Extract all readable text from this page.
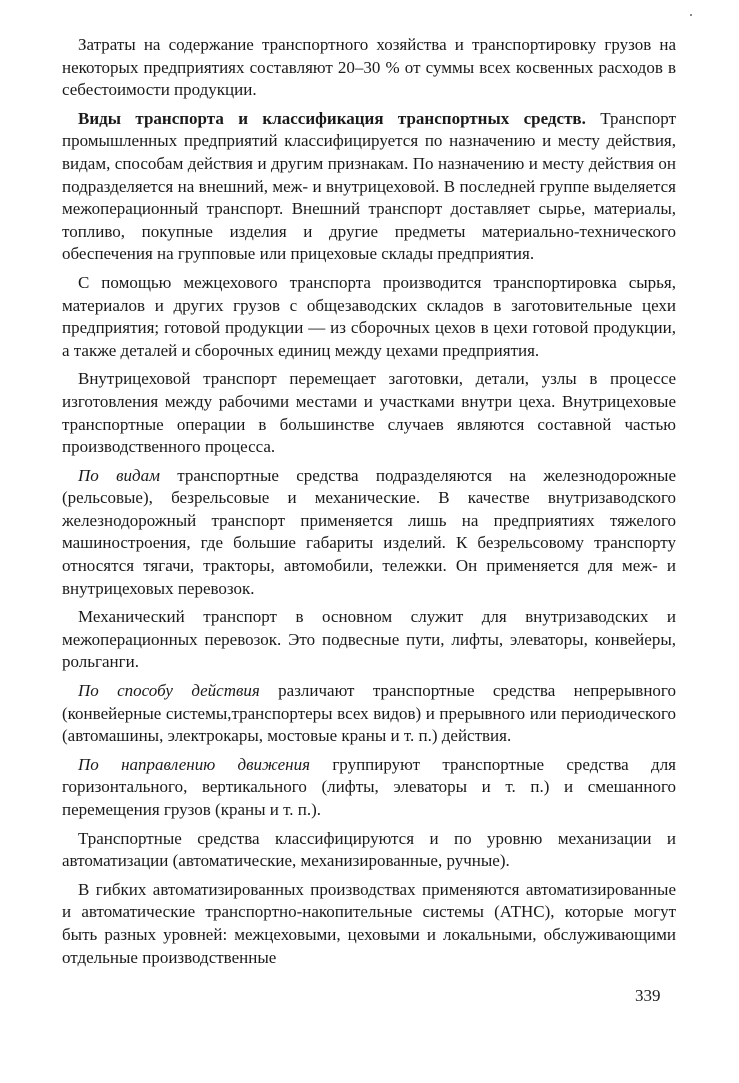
Затраты на содержание транспортного хозяйства и транспортировку грузов на некоторых предприятиях составляют 20–30 % от суммы всех косвенных расходов в себестоимости продукции.

Виды транспорта и классификация транспортных средств. Транспорт промышленных предприятий классифицируется по назначению и месту действия, видам, способам действия и другим признакам. По назначению и месту действия он подразделяется на внешний, меж- и внутрицеховой. В последней группе выделяется межоперационный транспорт. Внешний транспорт доставляет сырье, материалы, топливо, покупные изделия и другие предметы материально-технического обеспечения на групповые или прицеховые склады предприятия.

С помощью межцехового транспорта производится транспортировка сырья, материалов и других грузов с общезаводских складов в заготовительные цехи предприятия; готовой продукции — из сборочных цехов в цехи готовой продукции, а также деталей и сборочных единиц между цехами предприятия.

Внутрицеховой транспорт перемещает заготовки, детали, узлы в процессе изготовления между рабочими местами и участками внутри цеха. Внутрицеховые транспортные операции в большинстве случаев являются составной частью производственного процесса.

По видам транспортные средства подразделяются на железнодорожные (рельсовые), безрельсовые и механические. В качестве внутризаводского железнодорожный транспорт применяется лишь на предприятиях тяжелого машиностроения, где большие габариты изделий. К безрельсовому транспорту относятся тягачи, тракторы, автомобили, тележки. Он применяется для меж- и внутрицеховых перевозок.

Механический транспорт в основном служит для внутризаводских и межоперационных перевозок. Это подвесные пути, лифты, элеваторы, конвейеры, рольганги.

По способу действия различают транспортные средства непрерывного (конвейерные системы,транспортеры всех видов) и прерывного или периодического (автомашины, электрокары, мостовые краны и т. п.) действия.

По направлению движения группируют транспортные средства для горизонтального, вертикального (лифты, элеваторы и т. п.) и смешанного перемещения грузов (краны и т. п.).

Транспортные средства классифицируются и по уровню механизации и автоматизации (автоматические, механизированные, ручные).

В гибких автоматизированных производствах применяются автоматизированные и автоматические транспортно-накопительные системы (АТНС), которые могут быть разных уровней: межцеховыми, цеховыми и локальными, обслуживающими отдельные производственные

339
